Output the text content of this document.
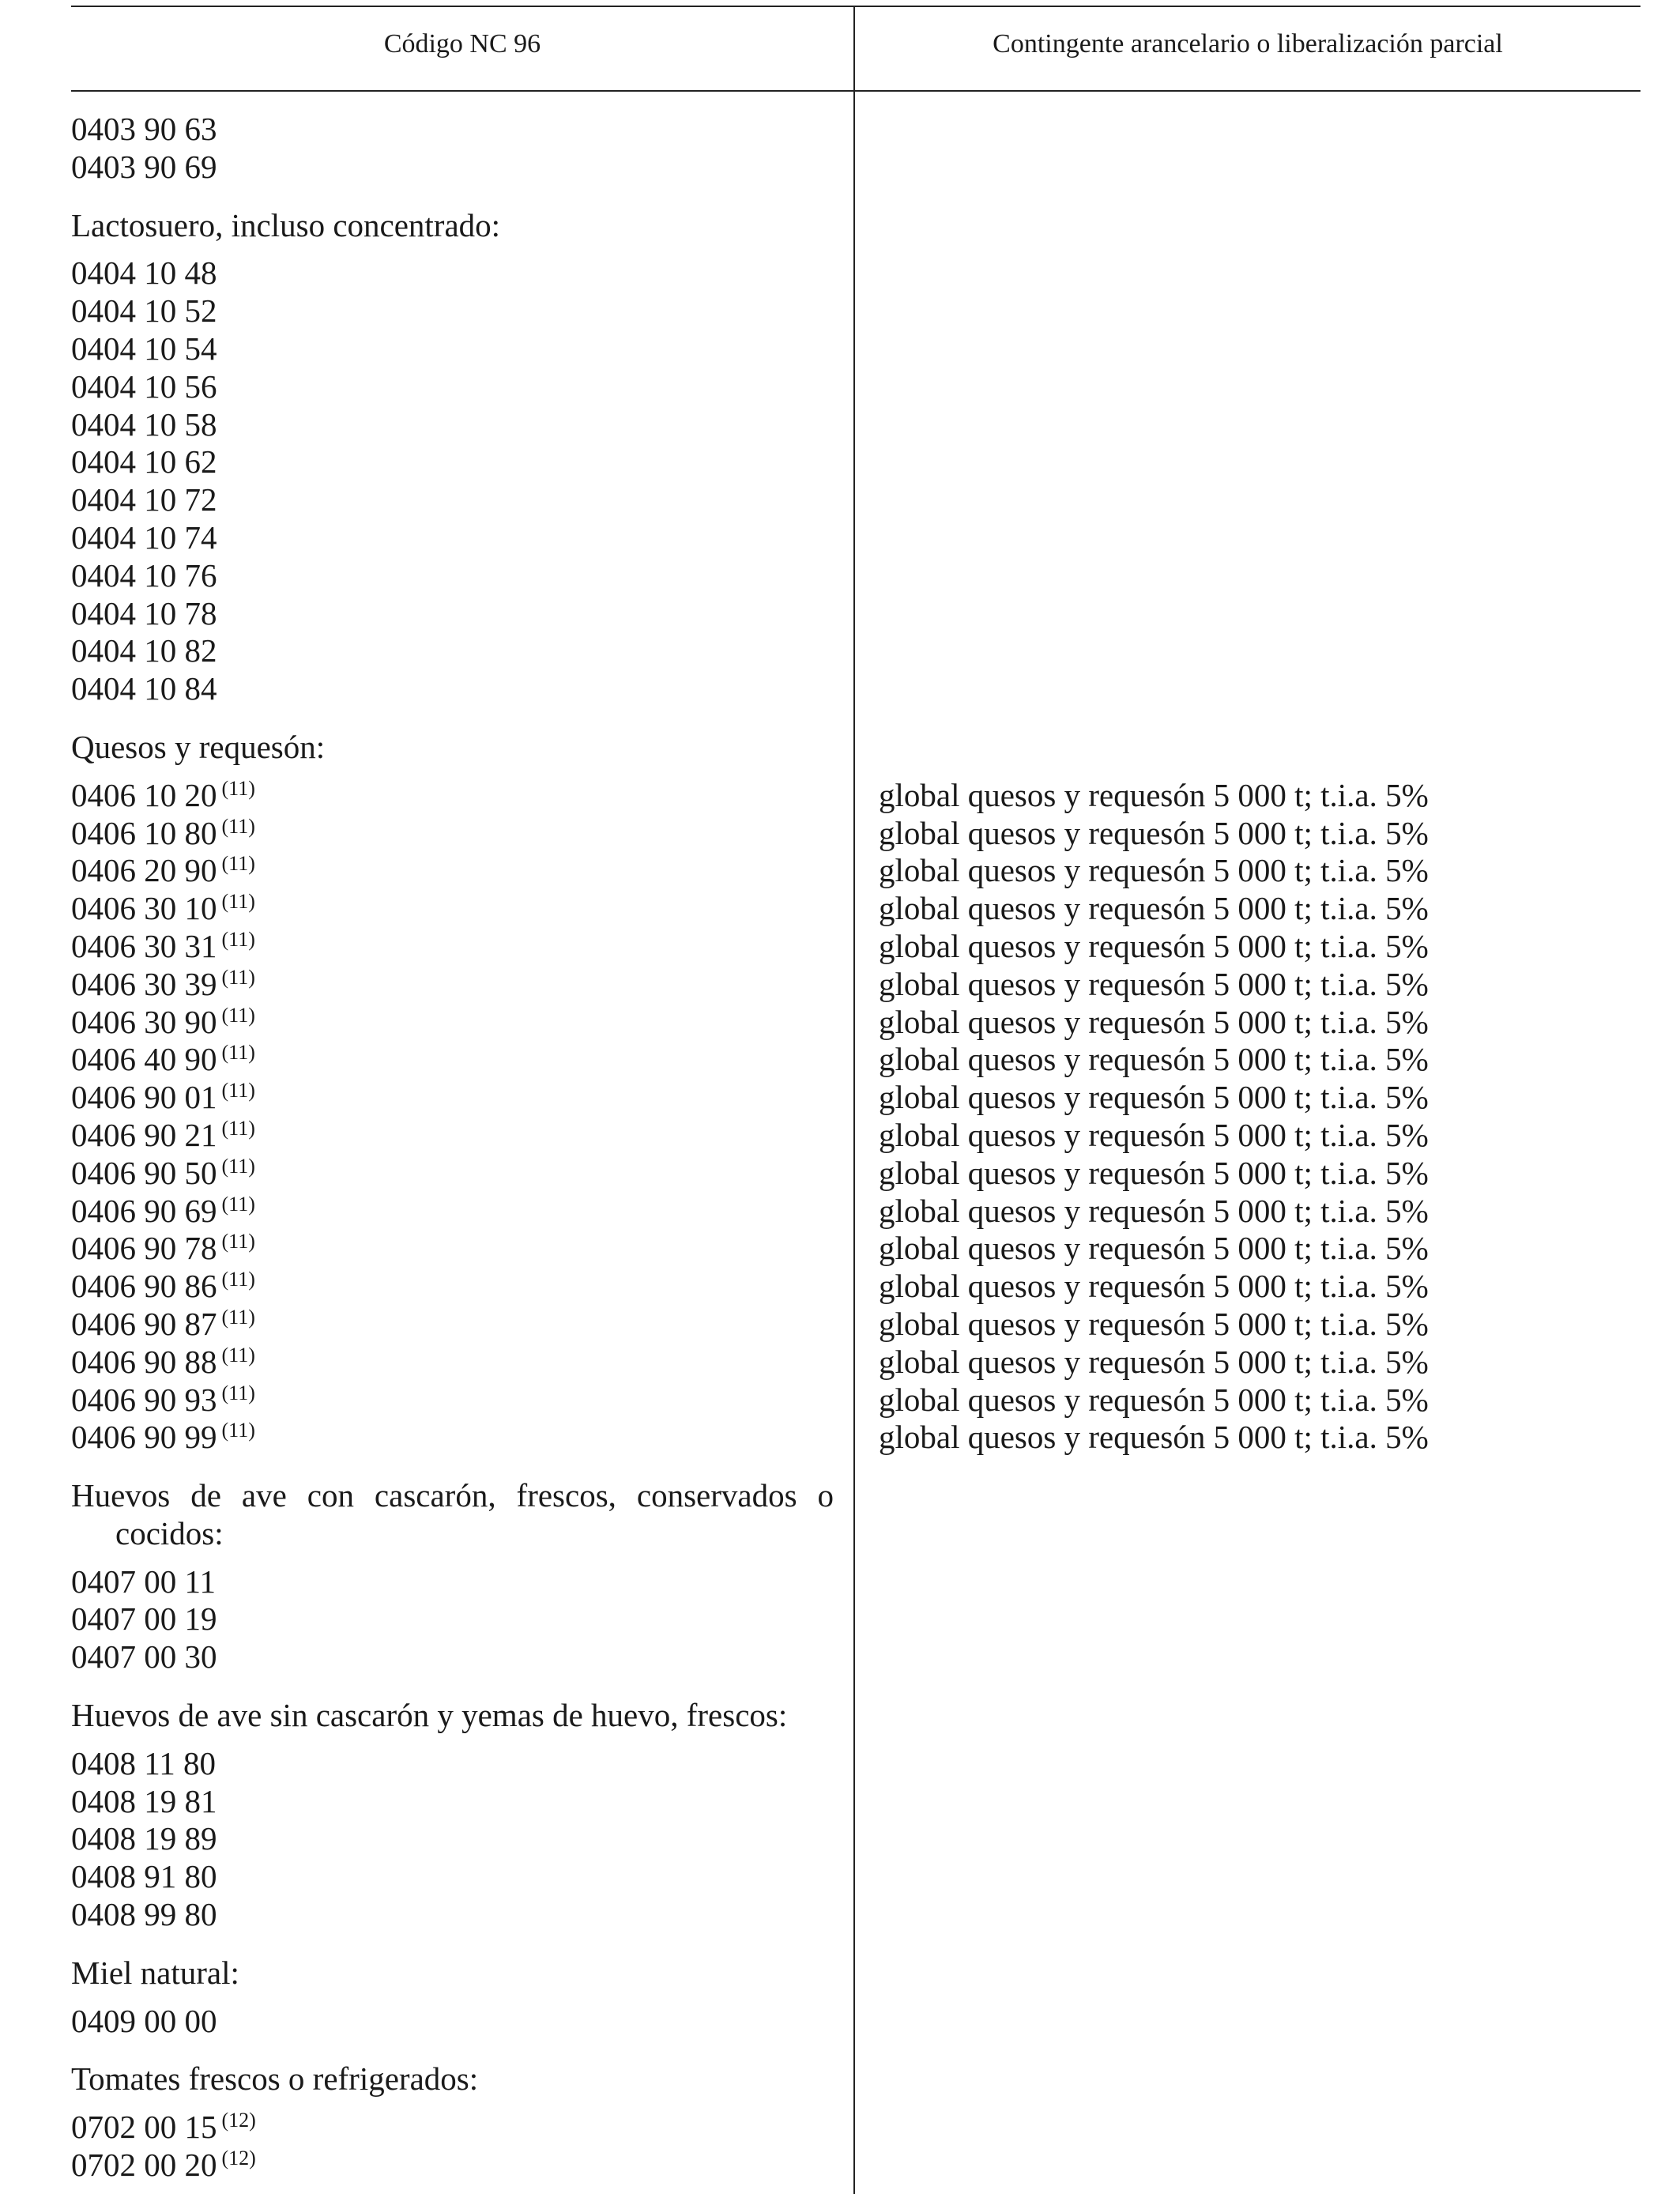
Código NC 96	Contingente arancelario o liberalización parcial
0403 90 63
0403 90 69
Lactosuero, incluso concentrado:
0404 10 48
0404 10 52
0404 10 54
0404 10 56
0404 10 58
0404 10 62
0404 10 72
0404 10 74
0404 10 76
0404 10 78
0404 10 82
0404 10 84
Quesos y requesón:
0406 10 20 $^{(11)}$
0406 10 80 $^{(11)}$
0406 20 90 $^{(11)}$
0406 30 10 $^{(11)}$
0406 30 31 $^{(11)}$
0406 30 39 $^{(11)}$
0406 30 90 $^{(11)}$
0406 40 90 $^{(11)}$
0406 90 01 $^{(11)}$
0406 90 21 $^{(11)}$
0406 90 50 $^{(11)}$
0406 90 69 $^{(11)}$
0406 90 78 $^{(11)}$
0406 90 86 $^{(11)}$
0406 90 87 $^{(11)}$
0406 90 88 $^{(11)}$
0406 90 93 $^{(11)}$
0406 90 99 $^{(11)}$
Huevos de ave con cascarón, frescos, conservados o
cocidos:
0407 00 11
0407 00 19
0407 00 30
Huevos de ave sin cascarón y yemas de huevo, frescos:
0408 11 80
0408 19 81
0408 19 89
0408 91 80
0408 99 80
Miel natural:
0409 00 00
Tomates frescos o refrigerados:
0702 00 15 $^{(12)}$
0702 00 20 $^{(12)}$
global quesos y requesón 5 000 t; t.i.a. 5%
global quesos y requesón 5 000 t; t.i.a. 5%
global quesos y requesón 5 000 t; t.i.a. 5%
global quesos y requesón 5 000 t; t.i.a. 5%
global quesos y requesón 5 000 t; t.i.a. 5%
global quesos y requesón 5 000 t; t.i.a. 5%
global quesos y requesón 5 000 t; t.i.a. 5%
global quesos y requesón 5 000 t; t.i.a. 5%
global quesos y requesón 5 000 t; t.i.a. 5%
global quesos y requesón 5 000 t; t.i.a. 5%
global quesos y requesón 5 000 t; t.i.a. 5%
global quesos y requesón 5 000 t; t.i.a. 5%
global quesos y requesón 5 000 t; t.i.a. 5%
global quesos y requesón 5 000 t; t.i.a. 5%
global quesos y requesón 5 000 t; t.i.a. 5%
global quesos y requesón 5 000 t; t.i.a. 5%
global quesos y requesón 5 000 t; t.i.a. 5%
global quesos y requesón 5 000 t; t.i.a. 5%
